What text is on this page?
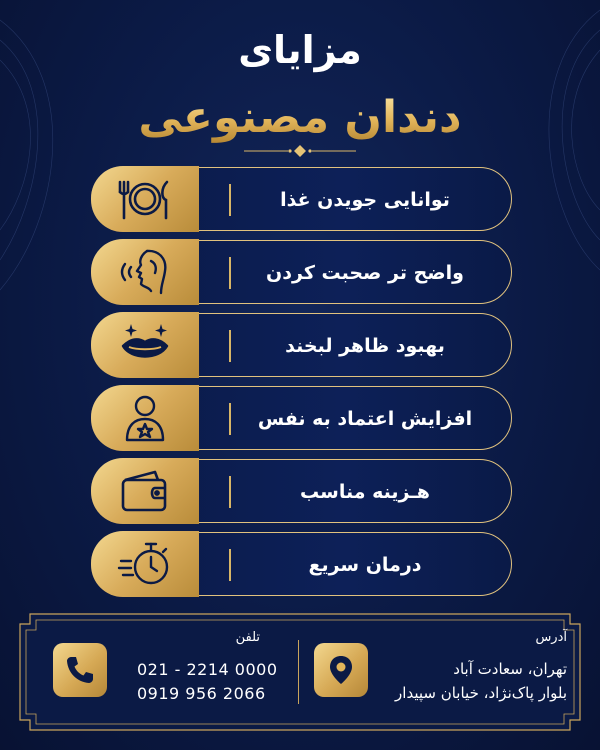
مزایای
دندان مصنوعی
توانایی جویدن غذا
واضح تر صحبت کردن
بهبود ظاهر لبخند
افزایش اعتماد به نفس
هـزینه مناسب
درمان سریع
آدرس
تهران، سعادت آباد
بلوار پاک‌نژاد، خیابان سپیدار
تلفن
021 - 2214 0000
0919 956 2066
